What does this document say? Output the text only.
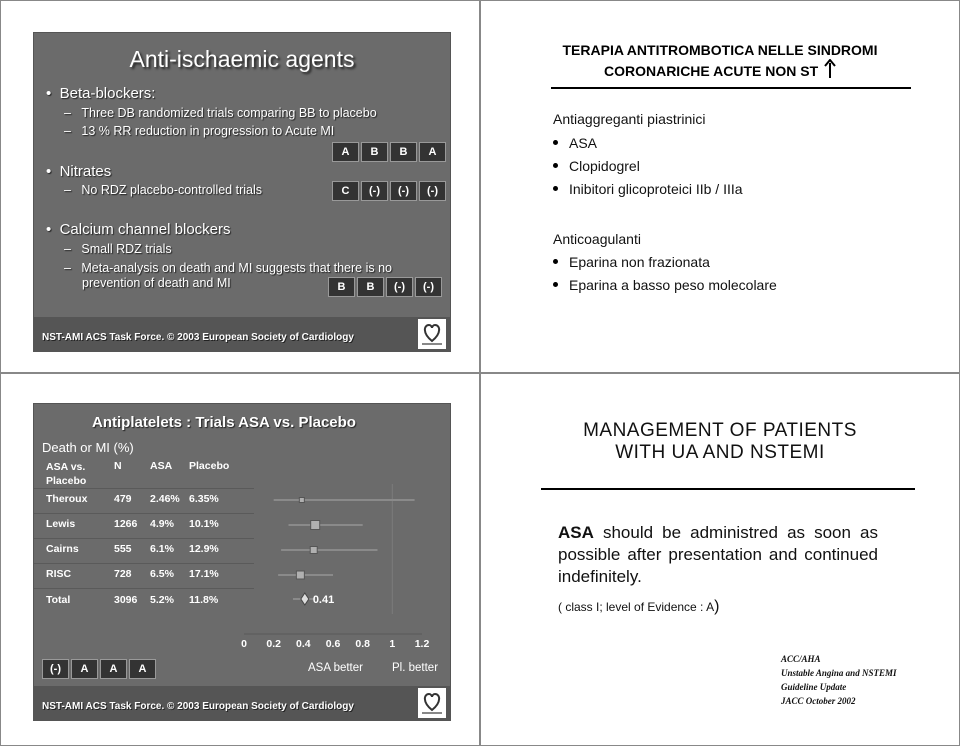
Anti-ischaemic agents
•  Beta-blockers:
–   Three DB randomized trials comparing BB to placebo
–   13 % RR reduction in progression to Acute MI
A	B	B	A
•  Nitrates
–   No RDZ placebo-controlled trials	C	(-)	(-)	(-)
•  Calcium channel blockers
–   Small RDZ trials
–   Meta-analysis on death and MI suggests that there is no
prevention of death and MI	B	B	(-)	(-)
NST-AMI ACS Task Force. © 2003 European Society of Cardiology
TERAPIA ANTITROMBOTICA NELLE SINDROMI
CORONARICHE ACUTE NON ST
Antiaggreganti piastrinici
ASA
Clopidogrel
Inibitori glicoproteici IIb / IIIa
Anticoagulanti
Eparina non frazionata
Eparina a basso peso molecolare
Antiplatelets : Trials ASA vs. Placebo
Death or MI (%)
ASA vs. Placebo
N	ASA Placebo
Theroux	479 2.46% 6.35%
Lewis	1266 4.9% 10.1%
Cairns	555 6.1% 12.9%
RISC	728 6.5% 17.1%
Total	3096 5.2% 11.8%	0.41
0 0.2 0.4 0.6 0.8 1 1.2
(-)	A	A	A	ASA better	Pl. better
NST-AMI ACS Task Force. © 2003 European Society of Cardiology
MANAGEMENT OF PATIENTS
WITH UA AND NSTEMI
ASA should be administred as soon as possible after presentation and continued indefinitely.
( class I; level of Evidence : A)
ACC/AHA
Unstable Angina and NSTEMI
Guideline Update
JACC October 2002
